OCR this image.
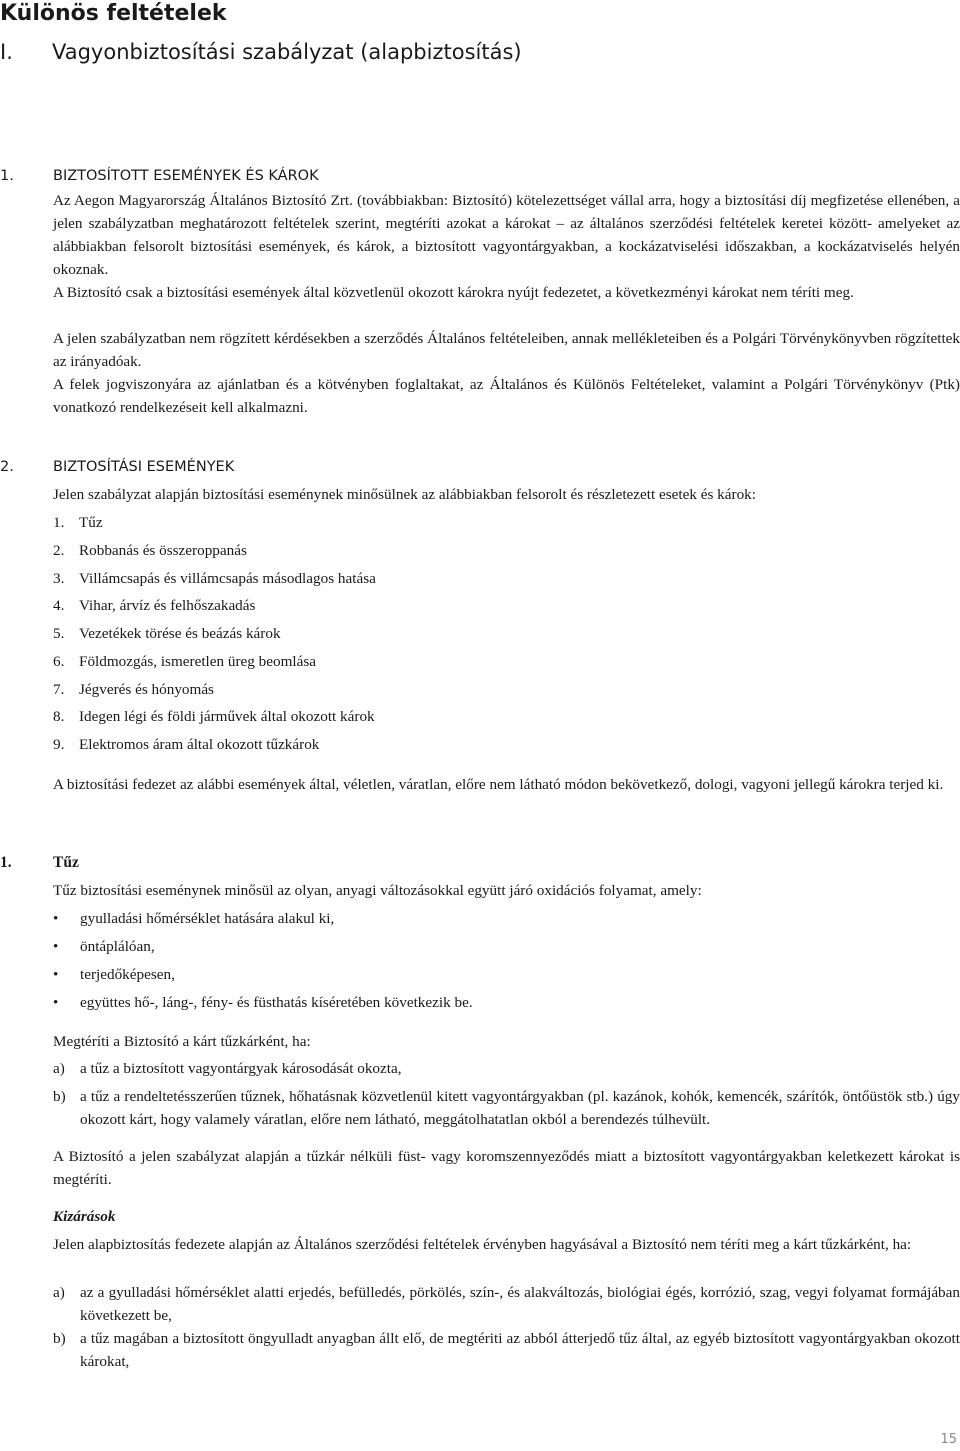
Különös feltételek
I. Vagyonbiztosítási szabályzat (alapbiztosítás)
1.	BIZTOSÍTOTT ESEMÉNYEK ÉS KÁROK

Az Aegon Magyarország Általános Biztosító Zrt. (továbbiakban: Biztosító) kötelezettséget vállal arra, hogy a biztosítási díj megfizetése ellenében, a jelen szabályzatban meghatározott feltételek szerint, megtéríti azokat a károkat – az általános szerződési feltételek keretei között- amelyeket az alábbiakban felsorolt biztosítási események, és károk, a biztosított vagyontárgyakban, a kockázatviselési időszakban, a kockázatviselés helyén okoznak.

A Biztosító csak a biztosítási események által közvetlenül okozott károkra nyújt fedezetet, a következményi károkat nem téríti meg.

A jelen szabályzatban nem rögzített kérdésekben a szerződés Általános feltételeiben, annak mellékleteiben és a Polgári Törvénykönyvben rögzítettek az irányadóak.

A felek jogviszonyára az ajánlatban és a kötvényben foglaltakat, az Általános és Különös Feltételeket, valamint a Polgári Törvénykönyv (Ptk) vonatkozó rendelkezéseit kell alkalmazni.

2.	BIZTOSÍTÁSI ESEMÉNYEK

Jelen szabályzat alapján biztosítási eseménynek minősülnek az alábbiakban felsorolt és részletezett esetek és károk:

1. Tűz
2. Robbanás és összeroppanás
3. Villámcsapás és villámcsapás másodlagos hatása
4. Vihar, árvíz és felhőszakadás
5. Vezetékek törése és beázás károk
6. Földmozgás, ismeretlen üreg beomlása
7. Jégverés és hónyomás
8. Idegen légi és földi járművek által okozott károk
9. Elektromos áram által okozott tűzkárok

A biztosítási fedezet az alábbi események által, véletlen, váratlan, előre nem látható módon bekövetkező, dologi, vagyoni jellegű károkra terjed ki.

1.	Tűz

Tűz biztosítási eseménynek minősül az olyan, anyagi változásokkal együtt járó oxidációs folyamat, amely:

• gyulladási hőmérséklet hatására alakul ki,
• öntáplálóan,
• terjedőképesen,
• együttes hő-, láng-, fény- és füsthatás kíséretében következik be.

Megtéríti a Biztosító a kárt tűzkárként, ha:

a) a tűz a biztosított vagyontárgyak károsodását okozta,
b) a tűz a rendeltetésszerűen tűznek, hőhatásnak közvetlenül kitett vagyontárgyakban (pl. kazánok, kohók, kemencék, szárítók, öntőüstök stb.) úgy okozott kárt, hogy valamely váratlan, előre nem látható, meggátolhatatlan okból a berendezés túlhevült.

A Biztosító a jelen szabályzat alapján a tűzkár nélküli füst- vagy koromszennyeződés miatt a biztosított vagyontárgyakban keletkezett károkat is megtéríti.

Kizárások

Jelen alapbiztosítás fedezete alapján az Általános szerződési feltételek érvényben hagyásával a Biztosító nem téríti meg a kárt tűzkárként, ha:

a) az a gyulladási hőmérséklet alatti erjedés, befülledés, pörkölés, szín-, és alakváltozás, biológiai égés, korrózió, szag, vegyi folyamat formájában következett be,
b) a tűz magában a biztosított öngyulladt anyagban állt elő, de megtériti az abból átterjedő tűz által, az egyéb biztosított vagyontárgyakban okozott károkat,
15
